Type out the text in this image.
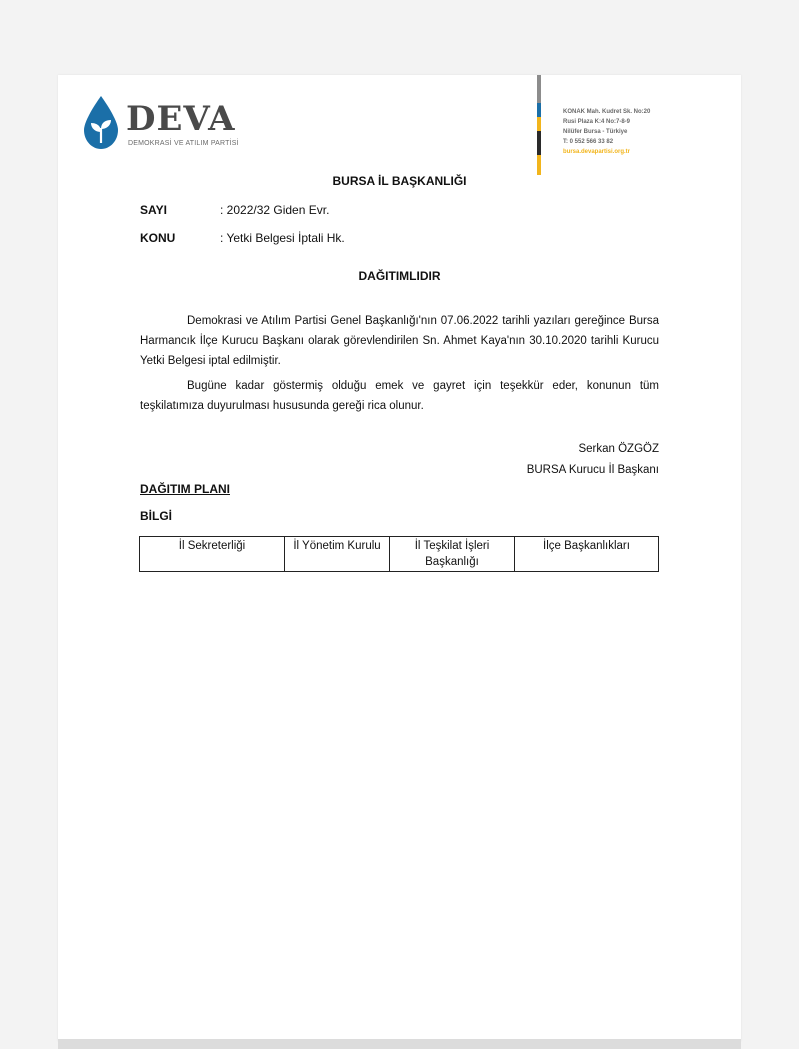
DEVA
DEMOKRASİ VE ATILIM PARTİSİ
KONAK Mah. Kudret Sk. No:20
Rusi Plaza K:4 No:7-8-9
Nilüfer Bursa - Türkiye
T: 0 552 566 33 82
bursa.devapartisi.org.tr
BURSA İL BAŞKANLIĞI
SAYI	: 2022/32 Giden Evr.
KONU	: Yetki Belgesi İptali Hk.
DAĞITIMLIDIR
Demokrasi ve Atılım Partisi Genel Başkanlığı'nın 07.06.2022 tarihli yazıları gereğince Bursa Harmancık İlçe Kurucu Başkanı olarak görevlendirilen Sn. Ahmet Kaya'nın 30.10.2020 tarihli Kurucu Yetki Belgesi iptal edilmiştir.
Bugüne kadar göstermiş olduğu emek ve gayret için teşekkür eder, konunun tüm teşkilatımıza duyurulması hususunda gereği rica olunur.
Serkan ÖZGÖZ
BURSA Kurucu İl Başkanı
DAĞITIM PLANI
BİLGİ
İl Sekreterliği	İl Yönetim Kurulu	İl Teşkilat İşleri Başkanlığı	İlçe Başkanlıkları
